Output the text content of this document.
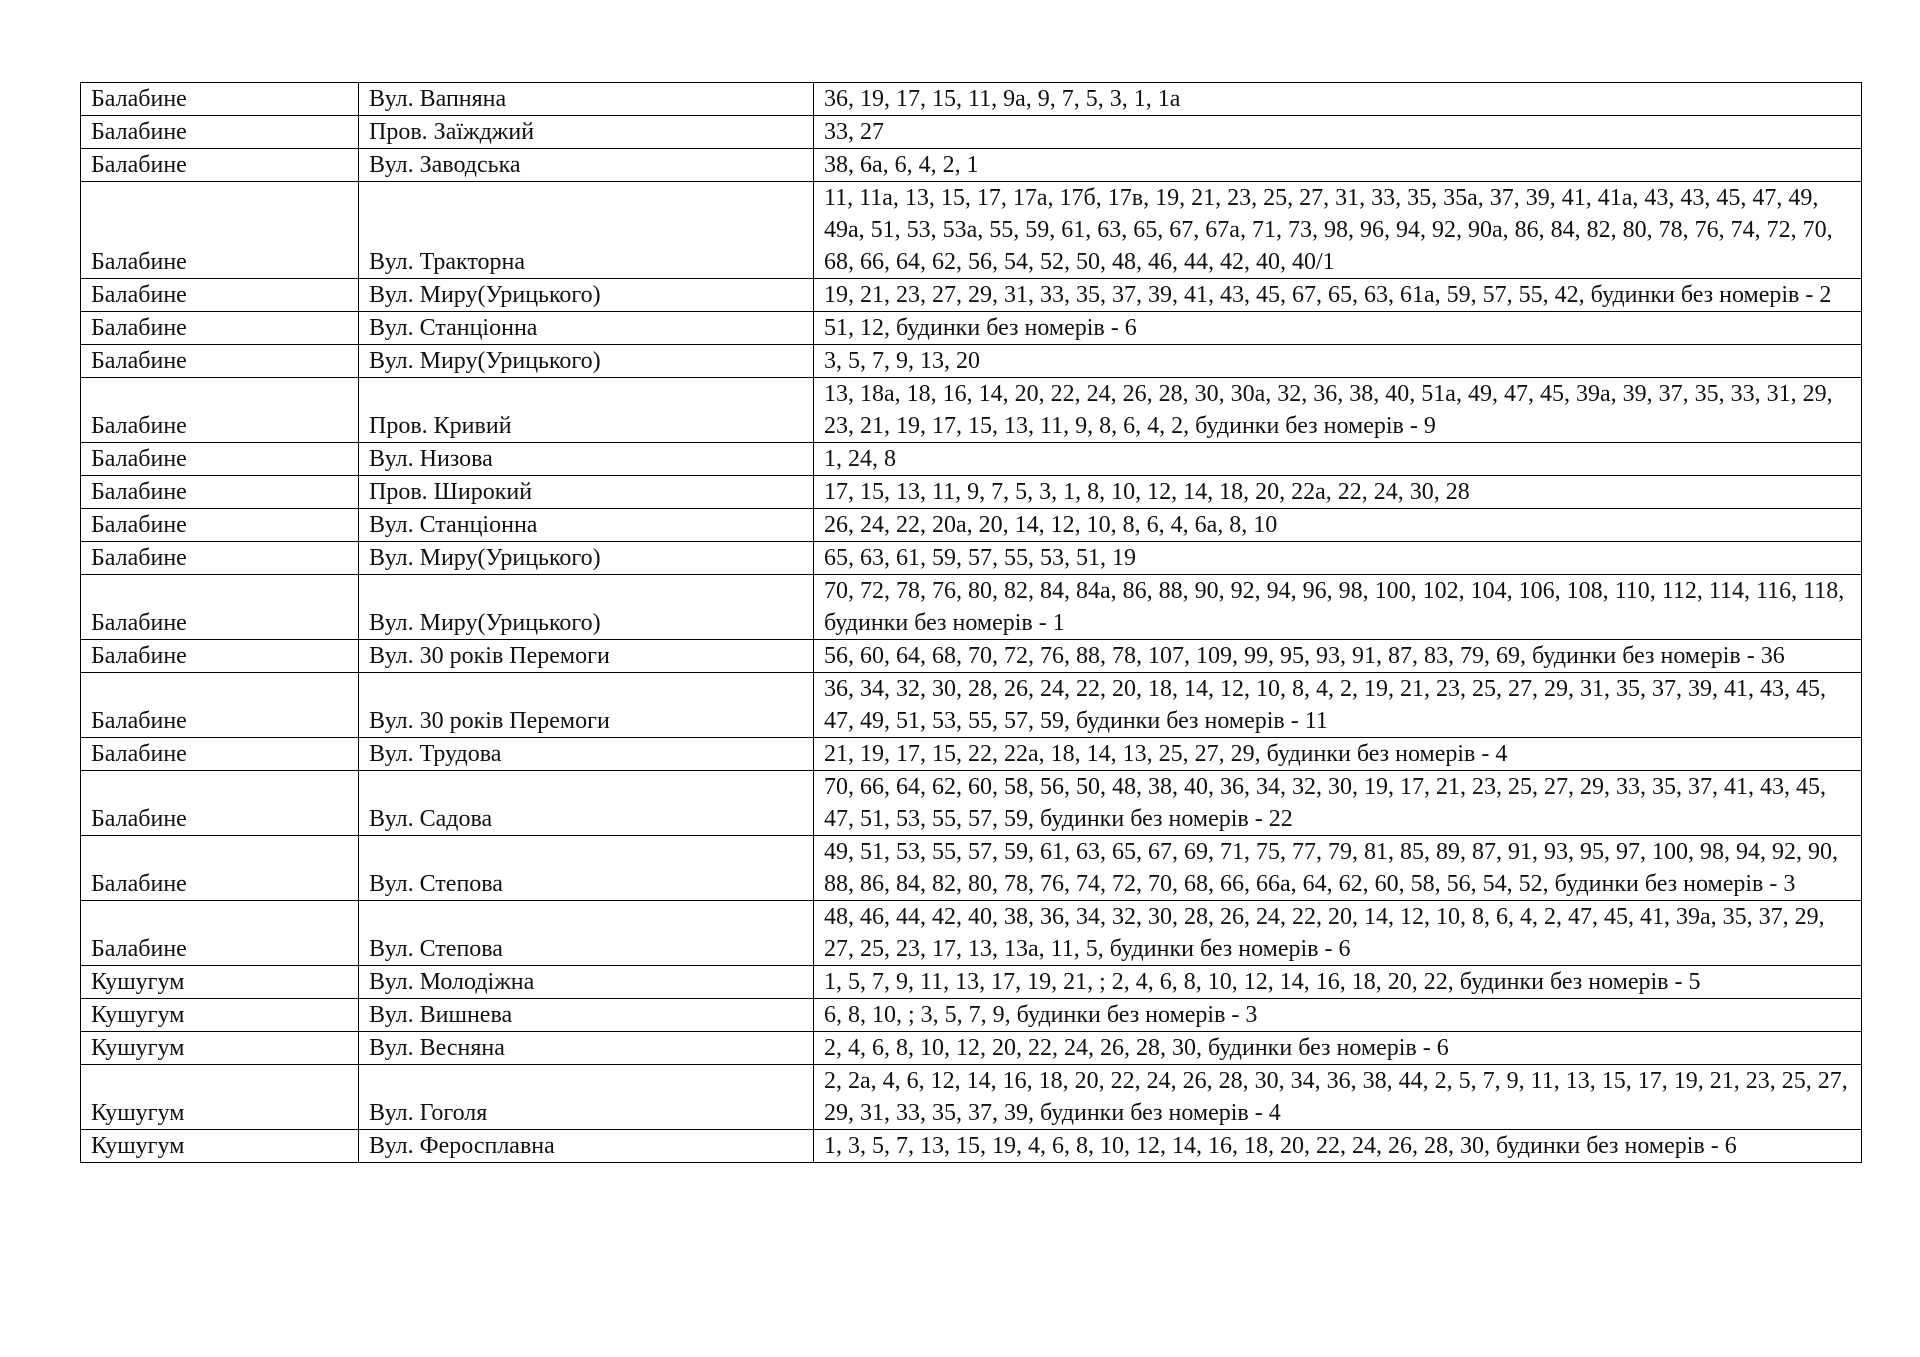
Балабине	Вул. Вапняна	36, 19, 17, 15, 11, 9а, 9, 7, 5, 3, 1, 1а
Балабине	Пров. Заїжджий	33, 27
Балабине	Вул. Заводська	38, 6а, 6, 4, 2, 1
Балабине	Вул. Тракторна	11, 11а, 13, 15, 17, 17а, 17б, 17в, 19, 21, 23, 25, 27, 31, 33, 35, 35а, 37, 39, 41, 41а, 43, 43, 45, 47, 49, 49а, 51, 53, 53а, 55, 59, 61, 63, 65, 67, 67а, 71, 73, 98, 96, 94, 92, 90а, 86, 84, 82, 80, 78, 76, 74, 72, 70, 68, 66, 64, 62, 56, 54, 52, 50, 48, 46, 44, 42, 40, 40/1
Балабине	Вул. Миру(Урицького)	19, 21, 23, 27, 29, 31, 33, 35, 37, 39, 41, 43, 45, 67, 65, 63, 61а, 59, 57, 55, 42, будинки без номерів - 2
Балабине	Вул. Станціонна	51, 12, будинки без номерів - 6
Балабине	Вул. Миру(Урицького)	3, 5, 7, 9, 13, 20
Балабине	Пров. Кривий	13, 18а, 18, 16, 14, 20, 22, 24, 26, 28, 30, 30а, 32, 36, 38, 40, 51а, 49, 47, 45, 39а, 39, 37, 35, 33, 31, 29, 23, 21, 19, 17, 15, 13, 11, 9, 8, 6, 4, 2, будинки без номерів - 9
Балабине	Вул. Низова	1, 24, 8
Балабине	Пров. Широкий	17, 15, 13, 11, 9, 7, 5, 3, 1, 8, 10, 12, 14, 18, 20, 22а, 22, 24, 30, 28
Балабине	Вул. Станціонна	26, 24, 22, 20а, 20, 14, 12, 10, 8, 6, 4, 6а, 8, 10
Балабине	Вул. Миру(Урицького)	65, 63, 61, 59, 57, 55, 53, 51, 19
Балабине	Вул. Миру(Урицького)	70, 72, 78, 76, 80, 82, 84, 84а, 86, 88, 90, 92, 94, 96, 98, 100, 102, 104, 106, 108, 110, 112, 114, 116, 118, будинки без номерів - 1
Балабине	Вул. 30 років Перемоги	56, 60, 64, 68, 70, 72, 76, 88, 78, 107, 109, 99, 95, 93, 91, 87, 83, 79, 69, будинки без номерів - 36
Балабине	Вул. 30 років Перемоги	36, 34, 32, 30, 28, 26, 24, 22, 20, 18, 14, 12, 10, 8, 4, 2, 19, 21, 23, 25, 27, 29, 31, 35, 37, 39, 41, 43, 45, 47, 49, 51, 53, 55, 57, 59, будинки без номерів - 11
Балабине	Вул. Трудова	21, 19, 17, 15, 22, 22а, 18, 14, 13, 25, 27, 29, будинки без номерів - 4
Балабине	Вул. Садова	70, 66, 64, 62, 60, 58, 56, 50, 48, 38, 40, 36, 34, 32, 30, 19, 17, 21, 23, 25, 27, 29, 33, 35, 37, 41, 43, 45, 47, 51, 53, 55, 57, 59, будинки без номерів - 22
Балабине	Вул. Степова	49, 51, 53, 55, 57, 59, 61, 63, 65, 67, 69, 71, 75, 77, 79, 81, 85, 89, 87, 91, 93, 95, 97, 100, 98, 94, 92, 90, 88, 86, 84, 82, 80, 78, 76, 74, 72, 70, 68, 66, 66а, 64, 62, 60, 58, 56, 54, 52, будинки без номерів - 3
Балабине	Вул. Степова	48, 46, 44, 42, 40, 38, 36, 34, 32, 30, 28, 26, 24, 22, 20, 14, 12, 10, 8, 6, 4, 2, 47, 45, 41, 39а, 35, 37, 29, 27, 25, 23, 17, 13, 13а, 11, 5, будинки без номерів - 6
Кушугум	Вул. Молодіжна	1, 5, 7, 9, 11, 13, 17, 19, 21, ; 2, 4, 6, 8, 10, 12, 14, 16, 18, 20, 22, будинки без номерів - 5
Кушугум	Вул. Вишнева	6, 8, 10, ; 3, 5, 7, 9, будинки без номерів - 3
Кушугум	Вул. Весняна	2, 4, 6, 8, 10, 12, 20, 22, 24, 26, 28, 30, будинки без номерів - 6
Кушугум	Вул. Гоголя	2, 2а, 4, 6, 12, 14, 16, 18, 20, 22, 24, 26, 28, 30, 34, 36, 38, 44, 2, 5, 7, 9, 11, 13, 15, 17, 19, 21, 23, 25, 27, 29, 31, 33, 35, 37, 39, будинки без номерів - 4
Кушугум	Вул. Феросплавна	1, 3, 5, 7, 13, 15, 19, 4, 6, 8, 10, 12, 14, 16, 18, 20, 22, 24, 26, 28, 30, будинки без номерів - 6
